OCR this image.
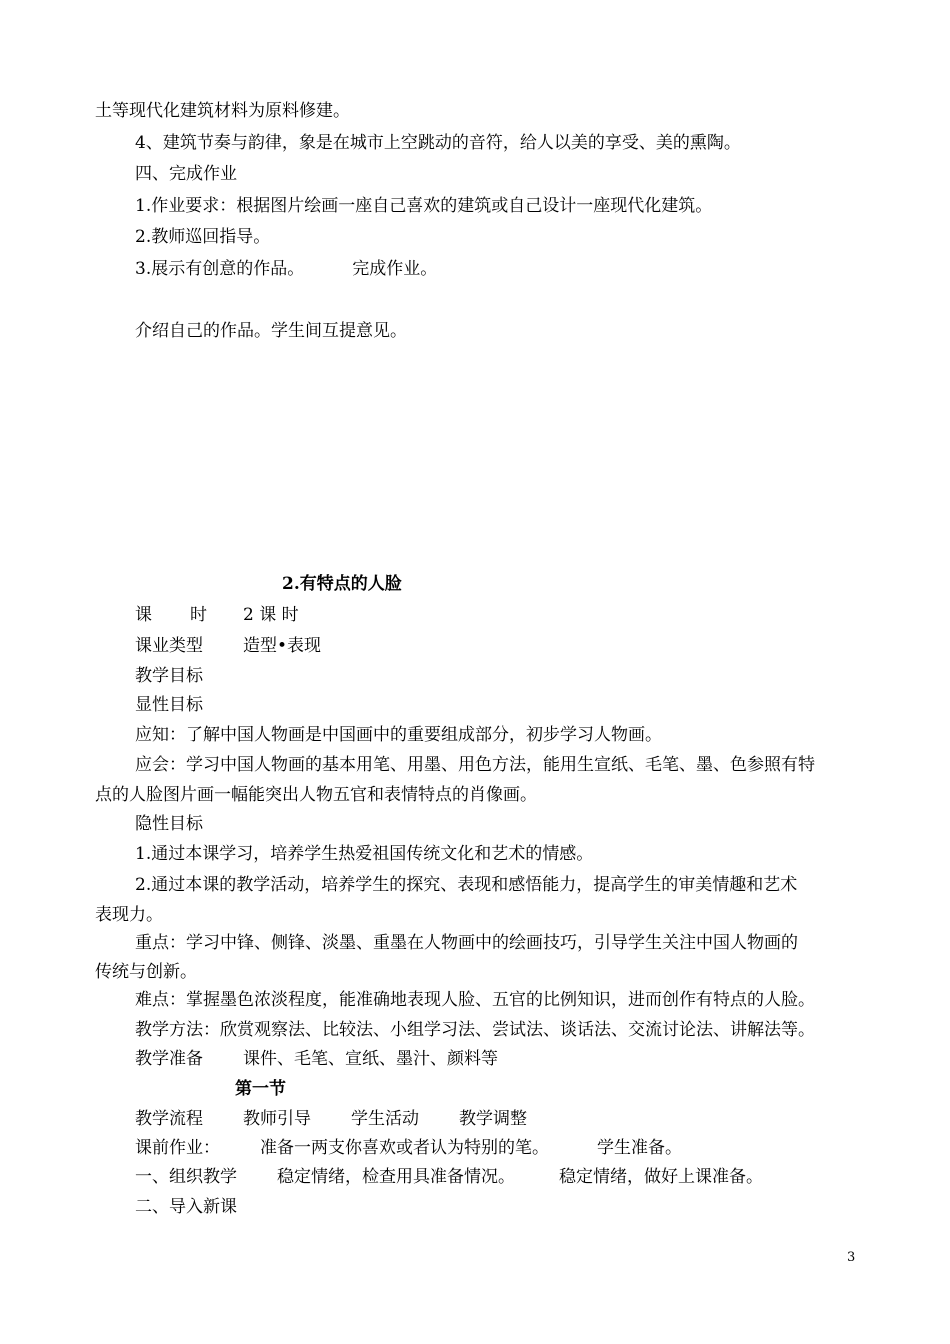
土等现代化建筑材料为原料修建。
4、建筑节奏与韵律，象是在城市上空跳动的音符，给人以美的享受、美的熏陶。
四、完成作业
1.作业要求：根据图片绘画一座自己喜欢的建筑或自己设计一座现代化建筑。
2.教师巡回指导。
3.展示有创意的作品。	完成作业。
介绍自己的作品。学生间互提意见。
2.有特点的人脸
课 时 2 课 时
课业类型 造型•表现
教学目标
显性目标
应知：了解中国人物画是中国画中的重要组成部分，初步学习人物画。
应会：学习中国人物画的基本用笔、用墨、用色方法，能用生宣纸、毛笔、墨、色参照有特
点的人脸图片画一幅能突出人物五官和表情特点的肖像画。
隐性目标
1.通过本课学习，培养学生热爱祖国传统文化和艺术的情感。
2.通过本课的教学活动，培养学生的探究、表现和感悟能力，提高学生的审美情趣和艺术
表现力。
重点：学习中锋、侧锋、淡墨、重墨在人物画中的绘画技巧，引导学生关注中国人物画的
传统与创新。
难点：掌握墨色浓淡程度，能准确地表现人脸、五官的比例知识，进而创作有特点的人脸。
教学方法：欣赏观察法、比较法、小组学习法、尝试法、谈话法、交流讨论法、讲解法等。
教学准备 课件、毛笔、宣纸、墨汁、颜料等
第一节
教学流程 教师引导 学生活动 教学调整
课前作业： 准备一两支你喜欢或者认为特别的笔。	学生准备。
一、组织教学 稳定情绪，检查用具准备情况。	稳定情绪，做好上课准备。
二、导入新课
3
